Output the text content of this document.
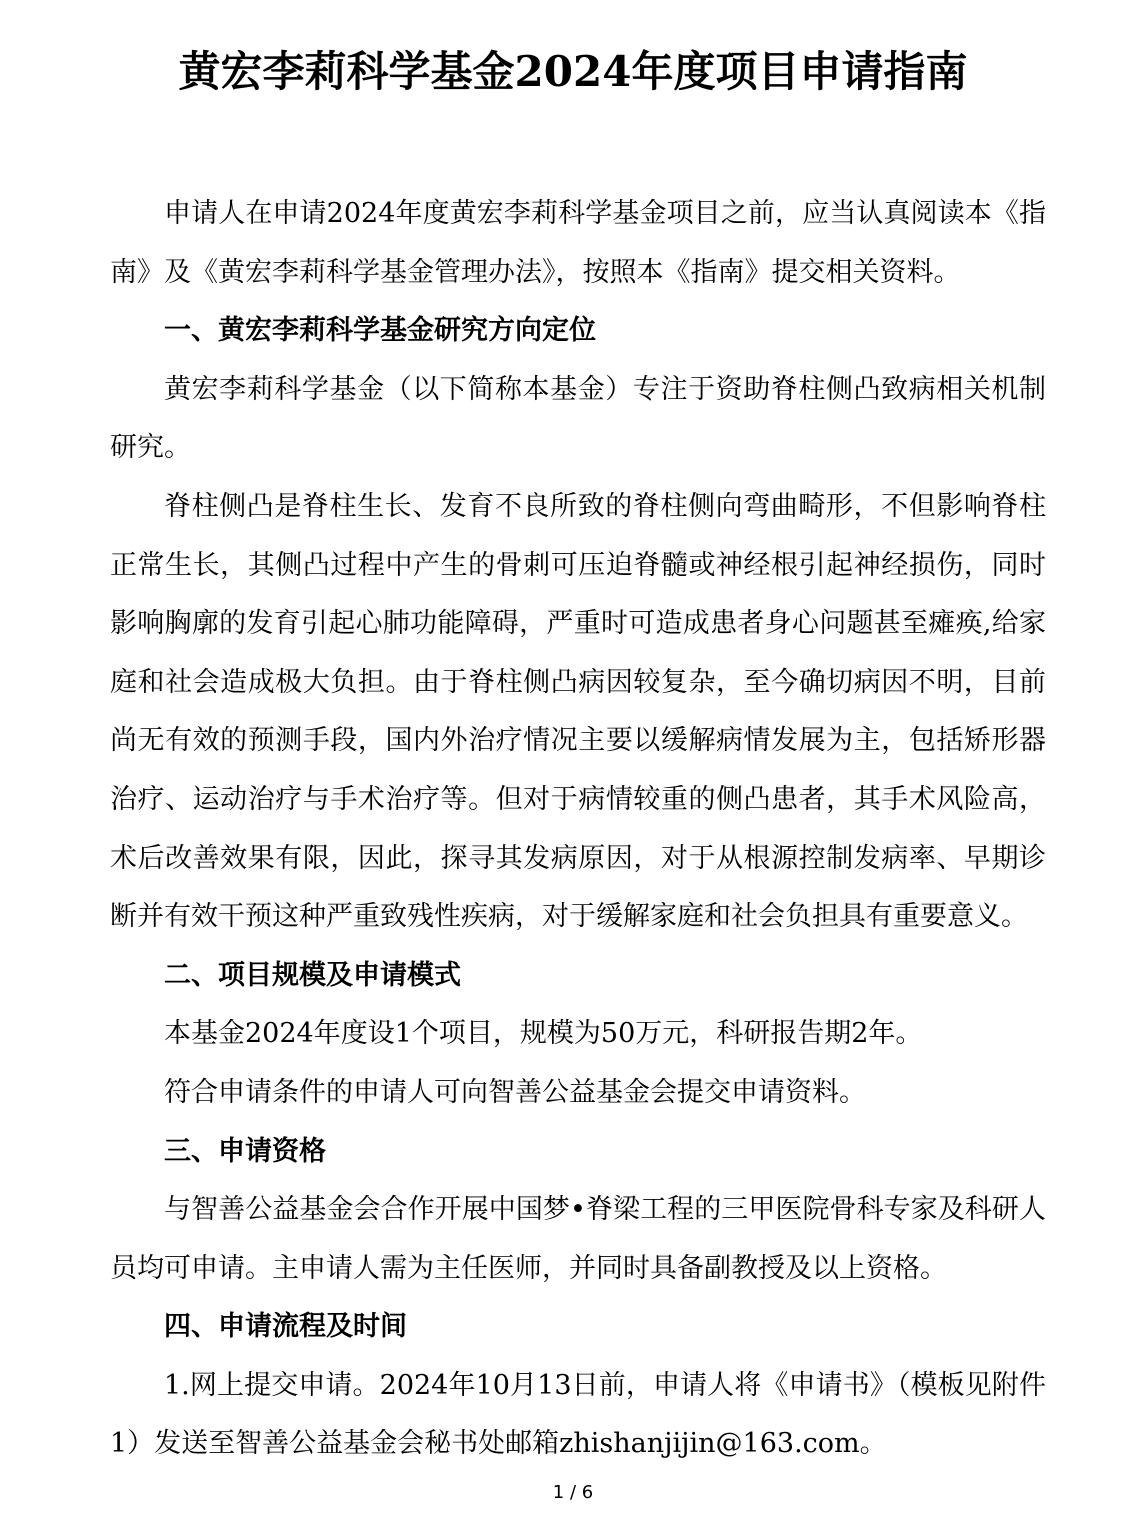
黄宏李莉科学基金2024年度项目申请指南

申请人在申请2024年度黄宏李莉科学基金项目之前，应当认真阅读本《指南》及《黄宏李莉科学基金管理办法》，按照本《指南》提交相关资料。

一、黄宏李莉科学基金研究方向定位

黄宏李莉科学基金（以下简称本基金）专注于资助脊柱侧凸致病相关机制研究。

脊柱侧凸是脊柱生长、发育不良所致的脊柱侧向弯曲畸形，不但影响脊柱正常生长，其侧凸过程中产生的骨刺可压迫脊髓或神经根引起神经损伤，同时影响胸廓的发育引起心肺功能障碍，严重时可造成患者身心问题甚至瘫痪,给家庭和社会造成极大负担。由于脊柱侧凸病因较复杂，至今确切病因不明，目前尚无有效的预测手段，国内外治疗情况主要以缓解病情发展为主，包括矫形器治疗、运动治疗与手术治疗等。但对于病情较重的侧凸患者，其手术风险高，术后改善效果有限，因此，探寻其发病原因，对于从根源控制发病率、早期诊断并有效干预这种严重致残性疾病，对于缓解家庭和社会负担具有重要意义。

二、项目规模及申请模式

本基金2024年度设1个项目，规模为50万元，科研报告期2年。

符合申请条件的申请人可向智善公益基金会提交申请资料。

三、申请资格

与智善公益基金会合作开展中国梦•脊梁工程的三甲医院骨科专家及科研人员均可申请。主申请人需为主任医师，并同时具备副教授及以上资格。

四、申请流程及时间

1.网上提交申请。2024年10月13日前，申请人将《申请书》（模板见附件1）发送至智善公益基金会秘书处邮箱zhishanjijin@163.com。

1 / 6
